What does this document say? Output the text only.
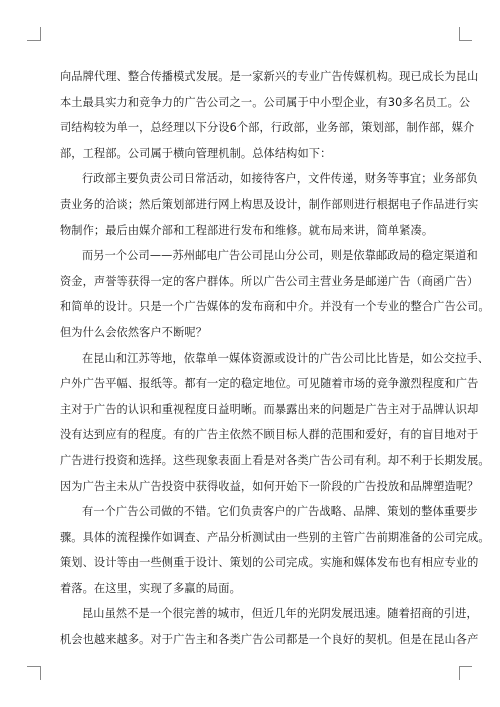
向品牌代理、整合传播模式发展。是一家新兴的专业广告传媒机构。现已成长为昆山

本土最具实力和竞争力的广告公司之一。公司属于中小型企业，有30多名员工。公

司结构较为单一，总经理以下分设6个部，行政部，业务部，策划部，制作部，媒介

部，工程部。公司属于横向管理机制。总体结构如下：

行政部主要负责公司日常活动，如接待客户，文件传递，财务等事宜；业务部负

责业务的洽谈；然后策划部进行网上构思及设计，制作部则进行根据电子作品进行实

物制作；最后由媒介部和工程部进行发布和维修。就布局来讲，简单紧凑。

而另一个公司——苏州邮电广告公司昆山分公司，则是依靠邮政局的稳定渠道和

资金，声誉等获得一定的客户群体。所以广告公司主营业务是邮递广告（商函广告）

和简单的设计。只是一个广告媒体的发布商和中介。并没有一个专业的整合广告公司。

但为什么会依然客户不断呢？

在昆山和江苏等地，依靠单一媒体资源或设计的广告公司比比皆是，如公交拉手、

户外广告平幅、报纸等。都有一定的稳定地位。可见随着市场的竞争激烈程度和广告

主对于广告的认识和重视程度日益明晰。而暴露出来的问题是广告主对于品牌认识却

没有达到应有的程度。有的广告主依然不顾目标人群的范围和爱好，有的盲目地对于

广告进行投资和选择。这些现象表面上看是对各类广告公司有利。却不利于长期发展。

因为广告主未从广告投资中获得收益，如何开始下一阶段的广告投放和品牌塑造呢？

有一个广告公司做的不错。它们负责客户的广告战略、品牌、策划的整体重要步

骤。具体的流程操作如调查、产品分析测试由一些别的主管广告前期准备的公司完成。

策划、设计等由一些侧重于设计、策划的公司完成。实施和媒体发布也有相应专业的

着落。在这里，实现了多赢的局面。

昆山虽然不是一个很完善的城市，但近几年的光阴发展迅速。随着招商的引进，

机会也越来越多。对于广告主和各类广告公司都是一个良好的契机。但是在昆山各产
